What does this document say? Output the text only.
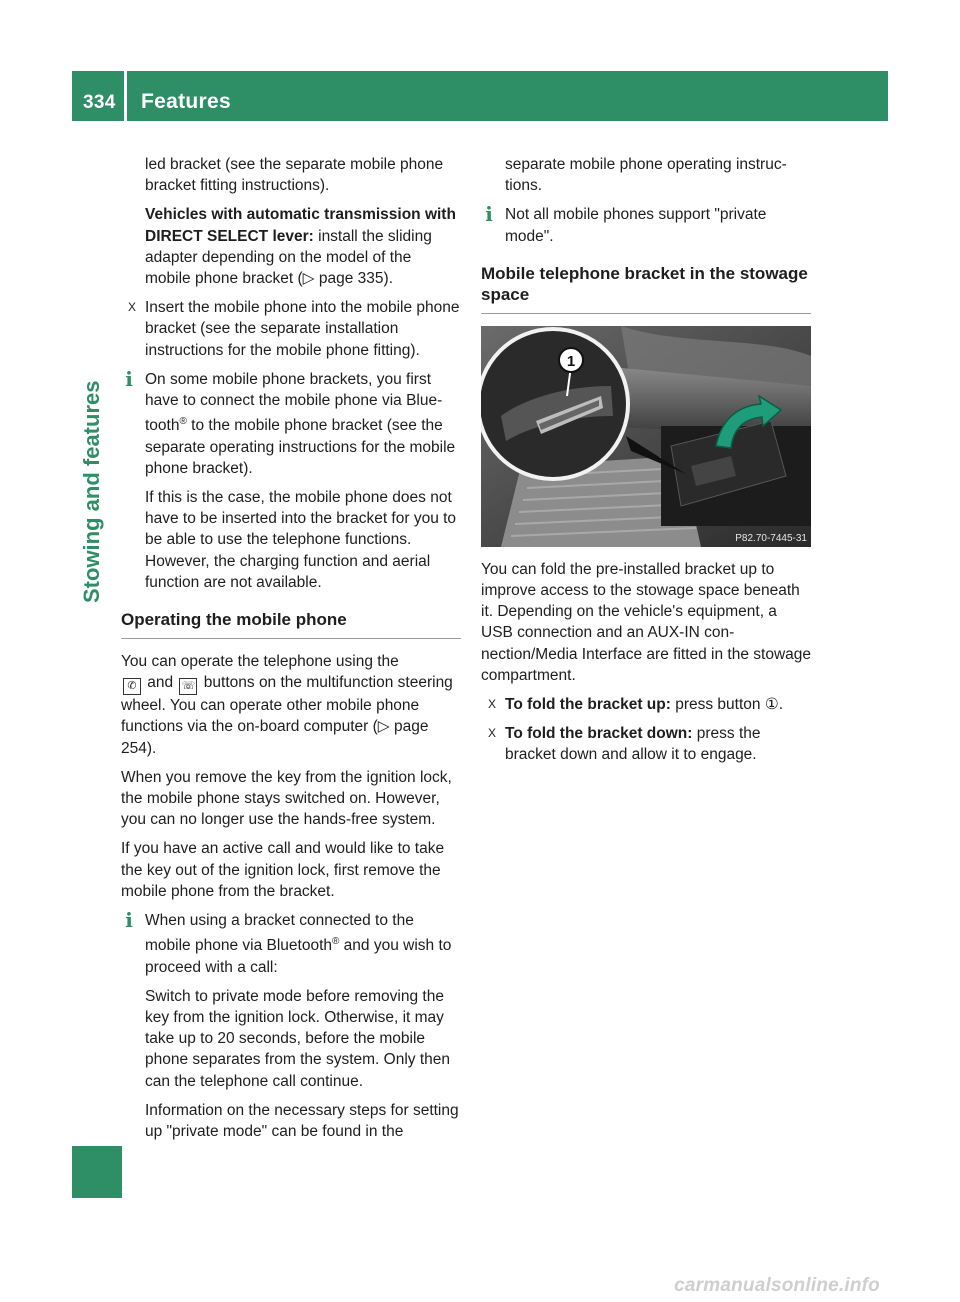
334 Features
Stowing and features

led bracket (see the separate mobile phone bracket fitting instructions).

Vehicles with automatic transmission with DIRECT SELECT lever: install the sliding adapter depending on the model of the mobile phone bracket (▷ page 335).

X Insert the mobile phone into the mobile phone bracket (see the separate installation instructions for the mobile phone fitting).
i On some mobile phone brackets, you first have to connect the mobile phone via Bluetooth® to the mobile phone bracket (see the separate operating instructions for the mobile phone bracket).
If this is the case, the mobile phone does not have to be inserted into the bracket for you to be able to use the telephone functions. However, the charging function and aerial function are not available.
Operating the mobile phone

You can operate the telephone using the
✆ and ☏ buttons on the multifunction steering wheel. You can operate other mobile phone functions via the on-board computer (▷ page 254).

When you remove the key from the ignition lock, the mobile phone stays switched on. However, you can no longer use the hands-free system.

If you have an active call and would like to take the key out of the ignition lock, first remove the mobile phone from the bracket.

i When using a bracket connected to the mobile phone via Bluetooth® and you wish to proceed with a call:
Switch to private mode before removing the key from the ignition lock. Otherwise, it may take up to 20 seconds, before the mobile phone separates from the system. Only then can the telephone call continue.
Information on the necessary steps for setting up "private mode" can be found in the

separate mobile phone operating instructions.

i Not all mobile phones support "private mode".
Mobile telephone bracket in the stowage space
1
P82.70-7445-31

You can fold the pre-installed bracket up to improve access to the stowage space beneath it. Depending on the vehicle's equipment, a USB connection and an AUX-IN connection/Media Interface are fitted in the stowage compartment.

X To fold the bracket up: press button ①.
X To fold the bracket down: press the bracket down and allow it to engage.
carmanualsonline.info
